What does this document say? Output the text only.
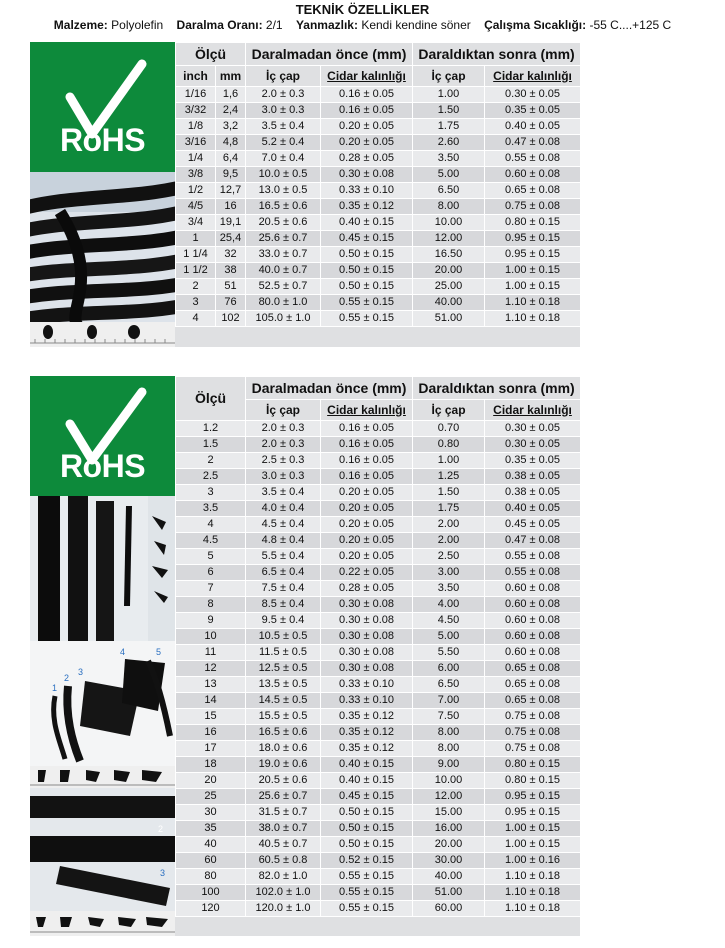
TEKNİK ÖZELLİKLER
Malzeme: Polyolefin Daralma Oranı: 2/1 Yanmazlık: Kendi kendine söner Çalışma Sıcaklığı: -55 C....+125 C
RoHS
Ölçü		Daralmadan önce (mm)		Daraldıktan sonra (mm)	
inch	mm	İç çap	Cidar kalınlığı	İç çap	Cidar kalınlığı
1/16	1,6	2.0 ± 0.3	0.16 ± 0.05	1.00	0.30 ± 0.05
3/32	2,4	3.0 ± 0.3	0.16 ± 0.05	1.50	0.35 ± 0.05
1/8	3,2	3.5 ± 0.4	0.20 ± 0.05	1.75	0.40 ± 0.05
3/16	4,8	5.2 ± 0.4	0.20 ± 0.05	2.60	0.47 ± 0.08
1/4	6,4	7.0 ± 0.4	0.28 ± 0.05	3.50	0.55 ± 0.08
3/8	9,5	10.0 ± 0.5	0.30 ± 0.08	5.00	0.60 ± 0.08
1/2	12,7	13.0 ± 0.5	0.33 ± 0.10	6.50	0.65 ± 0.08
4/5	16	16.5 ± 0.6	0.35 ± 0.12	8.00	0.75 ± 0.08
3/4	19,1	20.5 ± 0.6	0.40 ± 0.15	10.00	0.80 ± 0.15
1	25,4	25.6 ± 0.7	0.45 ± 0.15	12.00	0.95 ± 0.15
1 1/4	32	33.0 ± 0.7	0.50 ± 0.15	16.50	0.95 ± 0.15
1 1/2	38	40.0 ± 0.7	0.50 ± 0.15	20.00	1.00 ± 0.15
2	51	52.5 ± 0.7	0.50 ± 0.15	25.00	1.00 ± 0.15
3	76	80.0 ± 1.0	0.55 ± 0.15	40.00	1.10 ± 0.18
4	102	105.0 ± 1.0	0.55 ± 0.15	51.00	1.10 ± 0.18
RoHS
1
2
3
4	5
2
3
Ölçü	Daralmadan önce (mm)		Daraldıktan sonra (mm)	
	İç çap	Cidar kalınlığı	İç çap	Cidar kalınlığı
1.2	2.0 ± 0.3	0.16 ± 0.05	0.70	0.30 ± 0.05
1.5	2.0 ± 0.3	0.16 ± 0.05	0.80	0.30 ± 0.05
2	2.5 ± 0.3	0.16 ± 0.05	1.00	0.35 ± 0.05
2.5	3.0 ± 0.3	0.16 ± 0.05	1.25	0.38 ± 0.05
3	3.5 ± 0.4	0.20 ± 0.05	1.50	0.38 ± 0.05
3.5	4.0 ± 0.4	0.20 ± 0.05	1.75	0.40 ± 0.05
4	4.5 ± 0.4	0.20 ± 0.05	2.00	0.45 ± 0.05
4.5	4.8 ± 0.4	0.20 ± 0.05	2.00	0.47 ± 0.08
5	5.5 ± 0.4	0.20 ± 0.05	2.50	0.55 ± 0.08
6	6.5 ± 0.4	0.22 ± 0.05	3.00	0.55 ± 0.08
7	7.5 ± 0.4	0.28 ± 0.05	3.50	0.60 ± 0.08
8	8.5 ± 0.4	0.30 ± 0.08	4.00	0.60 ± 0.08
9	9.5 ± 0.4	0.30 ± 0.08	4.50	0.60 ± 0.08
10	10.5 ± 0.5	0.30 ± 0.08	5.00	0.60 ± 0.08
11	11.5 ± 0.5	0.30 ± 0.08	5.50	0.60 ± 0.08
12	12.5 ± 0.5	0.30 ± 0.08	6.00	0.65 ± 0.08
13	13.5 ± 0.5	0.33 ± 0.10	6.50	0.65 ± 0.08
14	14.5 ± 0.5	0.33 ± 0.10	7.00	0.65 ± 0.08
15	15.5 ± 0.5	0.35 ± 0.12	7.50	0.75 ± 0.08
16	16.5 ± 0.6	0.35 ± 0.12	8.00	0.75 ± 0.08
17	18.0 ± 0.6	0.35 ± 0.12	8.00	0.75 ± 0.08
18	19.0 ± 0.6	0.40 ± 0.15	9.00	0.80 ± 0.15
20	20.5 ± 0.6	0.40 ± 0.15	10.00	0.80 ± 0.15
25	25.6 ± 0.7	0.45 ± 0.15	12.00	0.95 ± 0.15
30	31.5 ± 0.7	0.50 ± 0.15	15.00	0.95 ± 0.15
35	38.0 ± 0.7	0.50 ± 0.15	16.00	1.00 ± 0.15
40	40.5 ± 0.7	0.50 ± 0.15	20.00	1.00 ± 0.15
60	60.5 ± 0.8	0.52 ± 0.15	30.00	1.00 ± 0.16
80	82.0 ± 1.0	0.55 ± 0.15	40.00	1.10 ± 0.18
100	102.0 ± 1.0	0.55 ± 0.15	51.00	1.10 ± 0.18
120	120.0 ± 1.0	0.55 ± 0.15	60.00	1.10 ± 0.18
